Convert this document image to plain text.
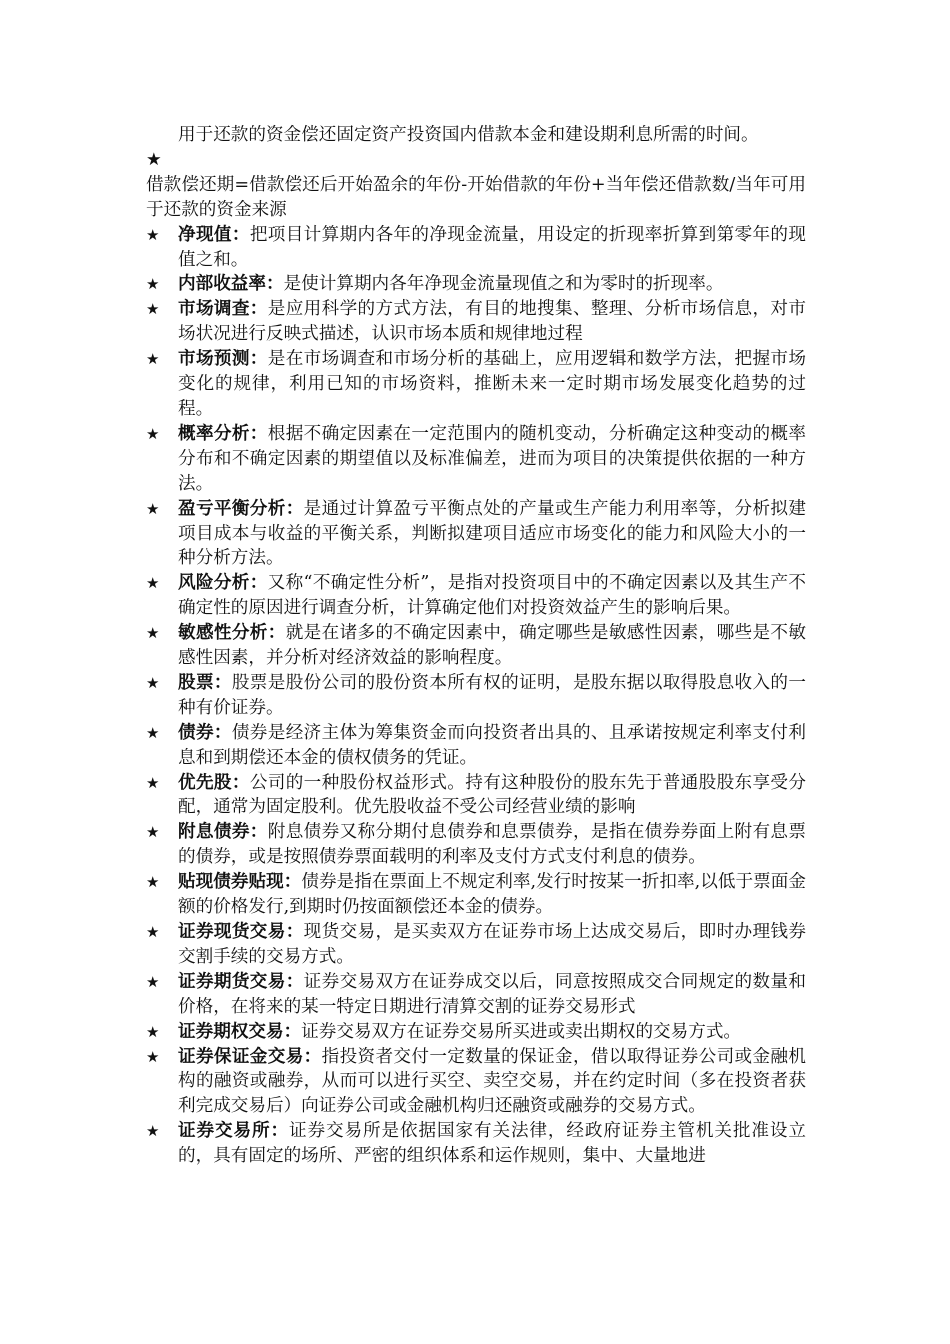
用于还款的资金偿还固定资产投资国内借款本金和建设期利息所需的时间。

★

借款偿还期=借款偿还后开始盈余的年份-开始借款的年份+当年偿还借款数/当年可用于还款的资金来源

★ 净现值：把项目计算期内各年的净现金流量，用设定的折现率折算到第零年的现值之和。
★ 内部收益率：是使计算期内各年净现金流量现值之和为零时的折现率。
★ 市场调查：是应用科学的方式方法，有目的地搜集、整理、分析市场信息，对市场状况进行反映式描述，认识市场本质和规律地过程
★ 市场预测：是在市场调查和市场分析的基础上，应用逻辑和数学方法，把握市场变化的规律，利用已知的市场资料，推断未来一定时期市场发展变化趋势的过程。
★ 概率分析：根据不确定因素在一定范围内的随机变动，分析确定这种变动的概率分布和不确定因素的期望值以及标准偏差，进而为项目的决策提供依据的一种方法。
★ 盈亏平衡分析：是通过计算盈亏平衡点处的产量或生产能力利用率等，分析拟建项目成本与收益的平衡关系，判断拟建项目适应市场变化的能力和风险大小的一种分析方法。
★ 风险分析：又称“不确定性分析”，是指对投资项目中的不确定因素以及其生产不确定性的原因进行调查分析，计算确定他们对投资效益产生的影响后果。
★ 敏感性分析：就是在诸多的不确定因素中，确定哪些是敏感性因素，哪些是不敏感性因素，并分析对经济效益的影响程度。
★ 股票：股票是股份公司的股份资本所有权的证明，是股东据以取得股息收入的一种有价证券。
★ 债券：债券是经济主体为筹集资金而向投资者出具的、且承诺按规定利率支付利息和到期偿还本金的债权债务的凭证。
★ 优先股：公司的一种股份权益形式。持有这种股份的股东先于普通股股东享受分配，通常为固定股利。优先股收益不受公司经营业绩的影响
★ 附息债券：附息债券又称分期付息债券和息票债券，是指在债券券面上附有息票的债券，或是按照债券票面载明的利率及支付方式支付利息的债券。
★ 贴现债券贴现：债券是指在票面上不规定利率,发行时按某一折扣率,以低于票面金额的价格发行,到期时仍按面额偿还本金的债券。
★ 证券现货交易：现货交易，是买卖双方在证券市场上达成交易后，即时办理钱券交割手续的交易方式。
★ 证券期货交易：证券交易双方在证券成交以后，同意按照成交合同规定的数量和价格，在将来的某一特定日期进行清算交割的证券交易形式
★ 证券期权交易：证券交易双方在证券交易所买进或卖出期权的交易方式。
★ 证券保证金交易：指投资者交付一定数量的保证金，借以取得证券公司或金融机构的融资或融券，从而可以进行买空、卖空交易，并在约定时间（多在投资者获利完成交易后）向证券公司或金融机构归还融资或融券的交易方式。
★ 证券交易所：证券交易所是依据国家有关法律，经政府证券主管机关批准设立的，具有固定的场所、严密的组织体系和运作规则，集中、大量地进
